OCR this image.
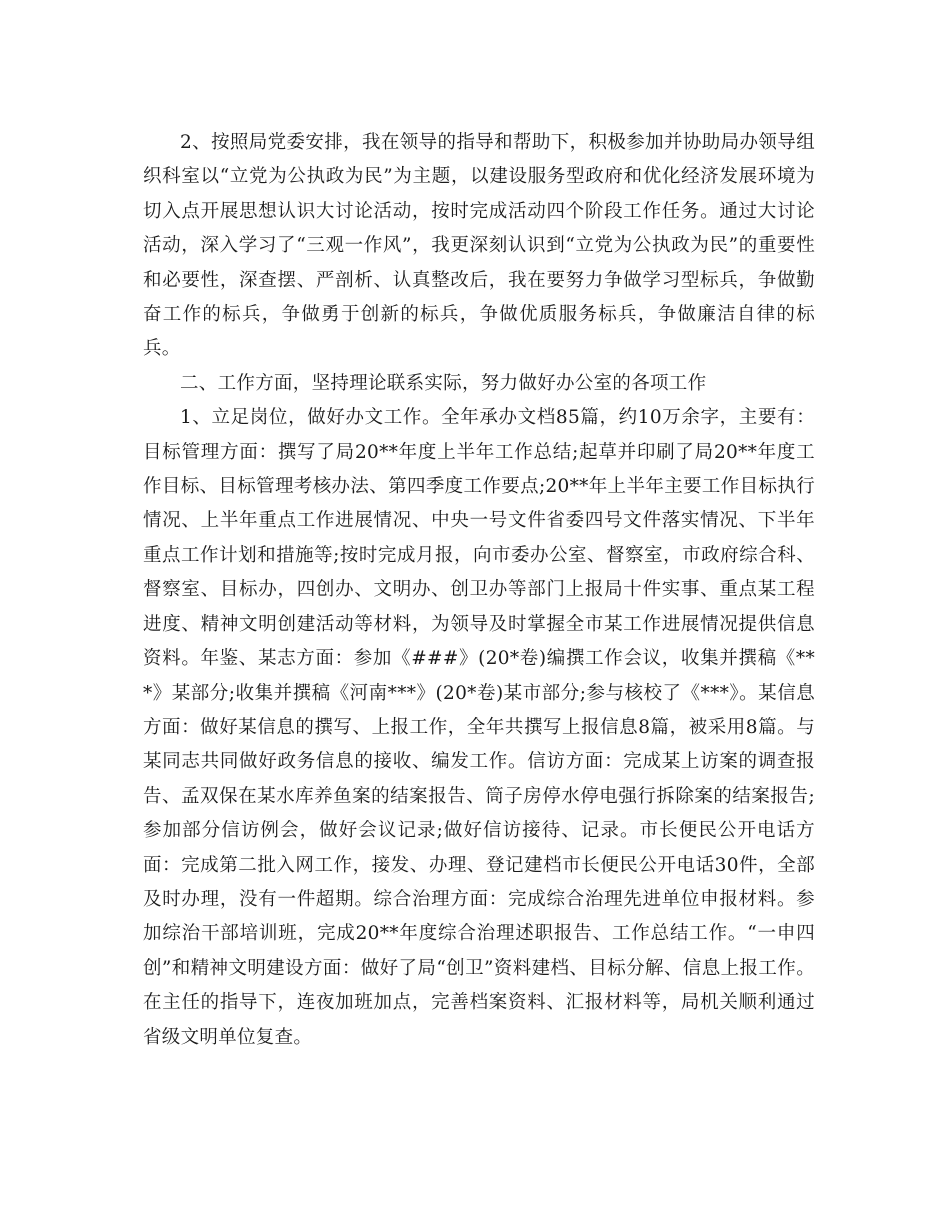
2、按照局党委安排，我在领导的指导和帮助下，积极参加并协助局办领导组织科室以“立党为公执政为民”为主题，以建设服务型政府和优化经济发展环境为切入点开展思想认识大讨论活动，按时完成活动四个阶段工作任务。通过大讨论活动，深入学习了“三观一作风”，我更深刻认识到“立党为公执政为民”的重要性和必要性，深查摆、严剖析、认真整改后，我在要努力争做学习型标兵，争做勤奋工作的标兵，争做勇于创新的标兵，争做优质服务标兵，争做廉洁自律的标兵。

二、工作方面，坚持理论联系实际，努力做好办公室的各项工作

1、立足岗位，做好办文工作。全年承办文档85篇，约10万余字，主要有：目标管理方面：撰写了局20**年度上半年工作总结;起草并印刷了局20**年度工作目标、目标管理考核办法、第四季度工作要点;20**年上半年主要工作目标执行情况、上半年重点工作进展情况、中央一号文件省委四号文件落实情况、下半年重点工作计划和措施等;按时完成月报，向市委办公室、督察室，市政府综合科、督察室、目标办，四创办、文明办、创卫办等部门上报局十件实事、重点某工程进度、精神文明创建活动等材料，为领导及时掌握全市某工作进展情况提供信息资料。年鉴、某志方面：参加《###》(20*卷)编撰工作会议，收集并撰稿《***》某部分;收集并撰稿《河南***》(20*卷)某市部分;参与核校了《***》。某信息方面：做好某信息的撰写、上报工作，全年共撰写上报信息8篇，被采用8篇。与某同志共同做好政务信息的接收、编发工作。信访方面：完成某上访案的调查报告、孟双保在某水库养鱼案的结案报告、筒子房停水停电强行拆除案的结案报告;参加部分信访例会，做好会议记录;做好信访接待、记录。市长便民公开电话方面：完成第二批入网工作，接发、办理、登记建档市长便民公开电话30件，全部及时办理，没有一件超期。综合治理方面：完成综合治理先进单位申报材料。参加综治干部培训班，完成20**年度综合治理述职报告、工作总结工作。“一申四创”和精神文明建设方面：做好了局“创卫”资料建档、目标分解、信息上报工作。在主任的指导下，连夜加班加点，完善档案资料、汇报材料等，局机关顺利通过省级文明单位复查。
